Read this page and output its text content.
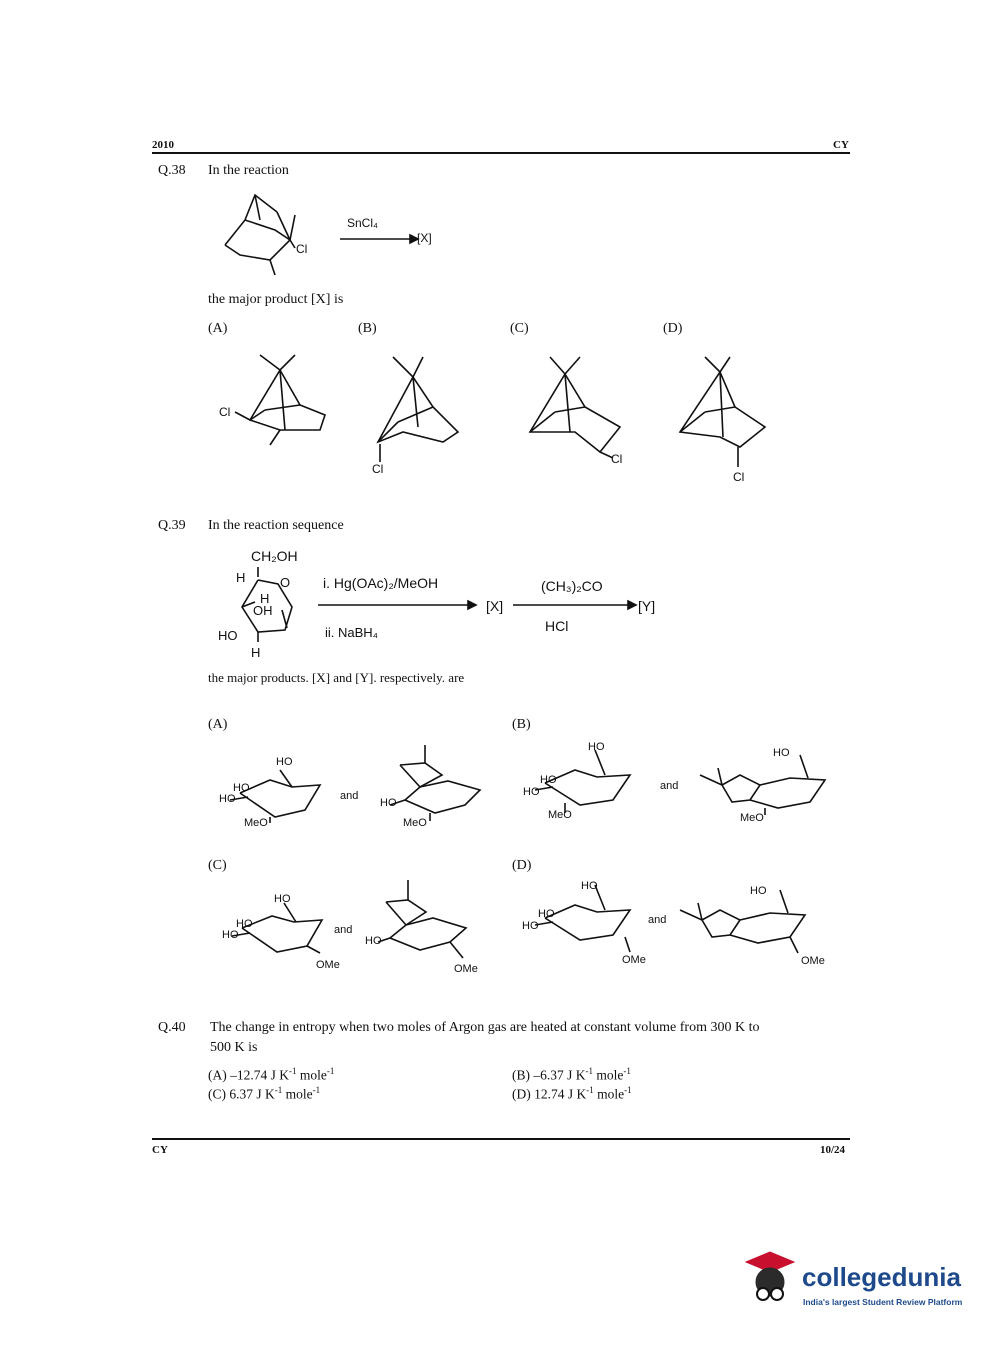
2010	CY
Q.38 In the reaction
Cl
SnCl₄
[X]
the major product [X] is
(A)	(B)	(C)	(D)
Cl
Cl
Cl
Cl
Q.39 In the reaction sequence
CH₂OH
H	O
H
OH
HO
H
i. Hg(OAc)₂/MeOH
ii. NaBH₄
[X]
(CH₃)₂CO
HCl
[Y]
the major products. [X] and [Y]. respectively. are
(A)	(B)
(C)	(D)
HO
HO
HO
MeO
and
HO
MeO
HO
HO
HO
MeO
and
HO
MeO
HO
HO
HO
OMe
and
HO
OMe
HO
HO
HO
OMe
and
HO
OMe
Q.40 The change in entropy when two moles of Argon gas are heated at constant volume from 300 K to
500 K is
(A) –12.74 J $K^{-1}$ mole$^{-1}$	(B) –6.37 J $K^{-1}$ mole$^{-1}$
(C) 6.37 J $K^{-1}$ mole$^{-1}$	(D) 12.74 J $K^{-1}$ mole$^{-1}$
CY	10/24
collegedunia
India's largest Student Review Platform
